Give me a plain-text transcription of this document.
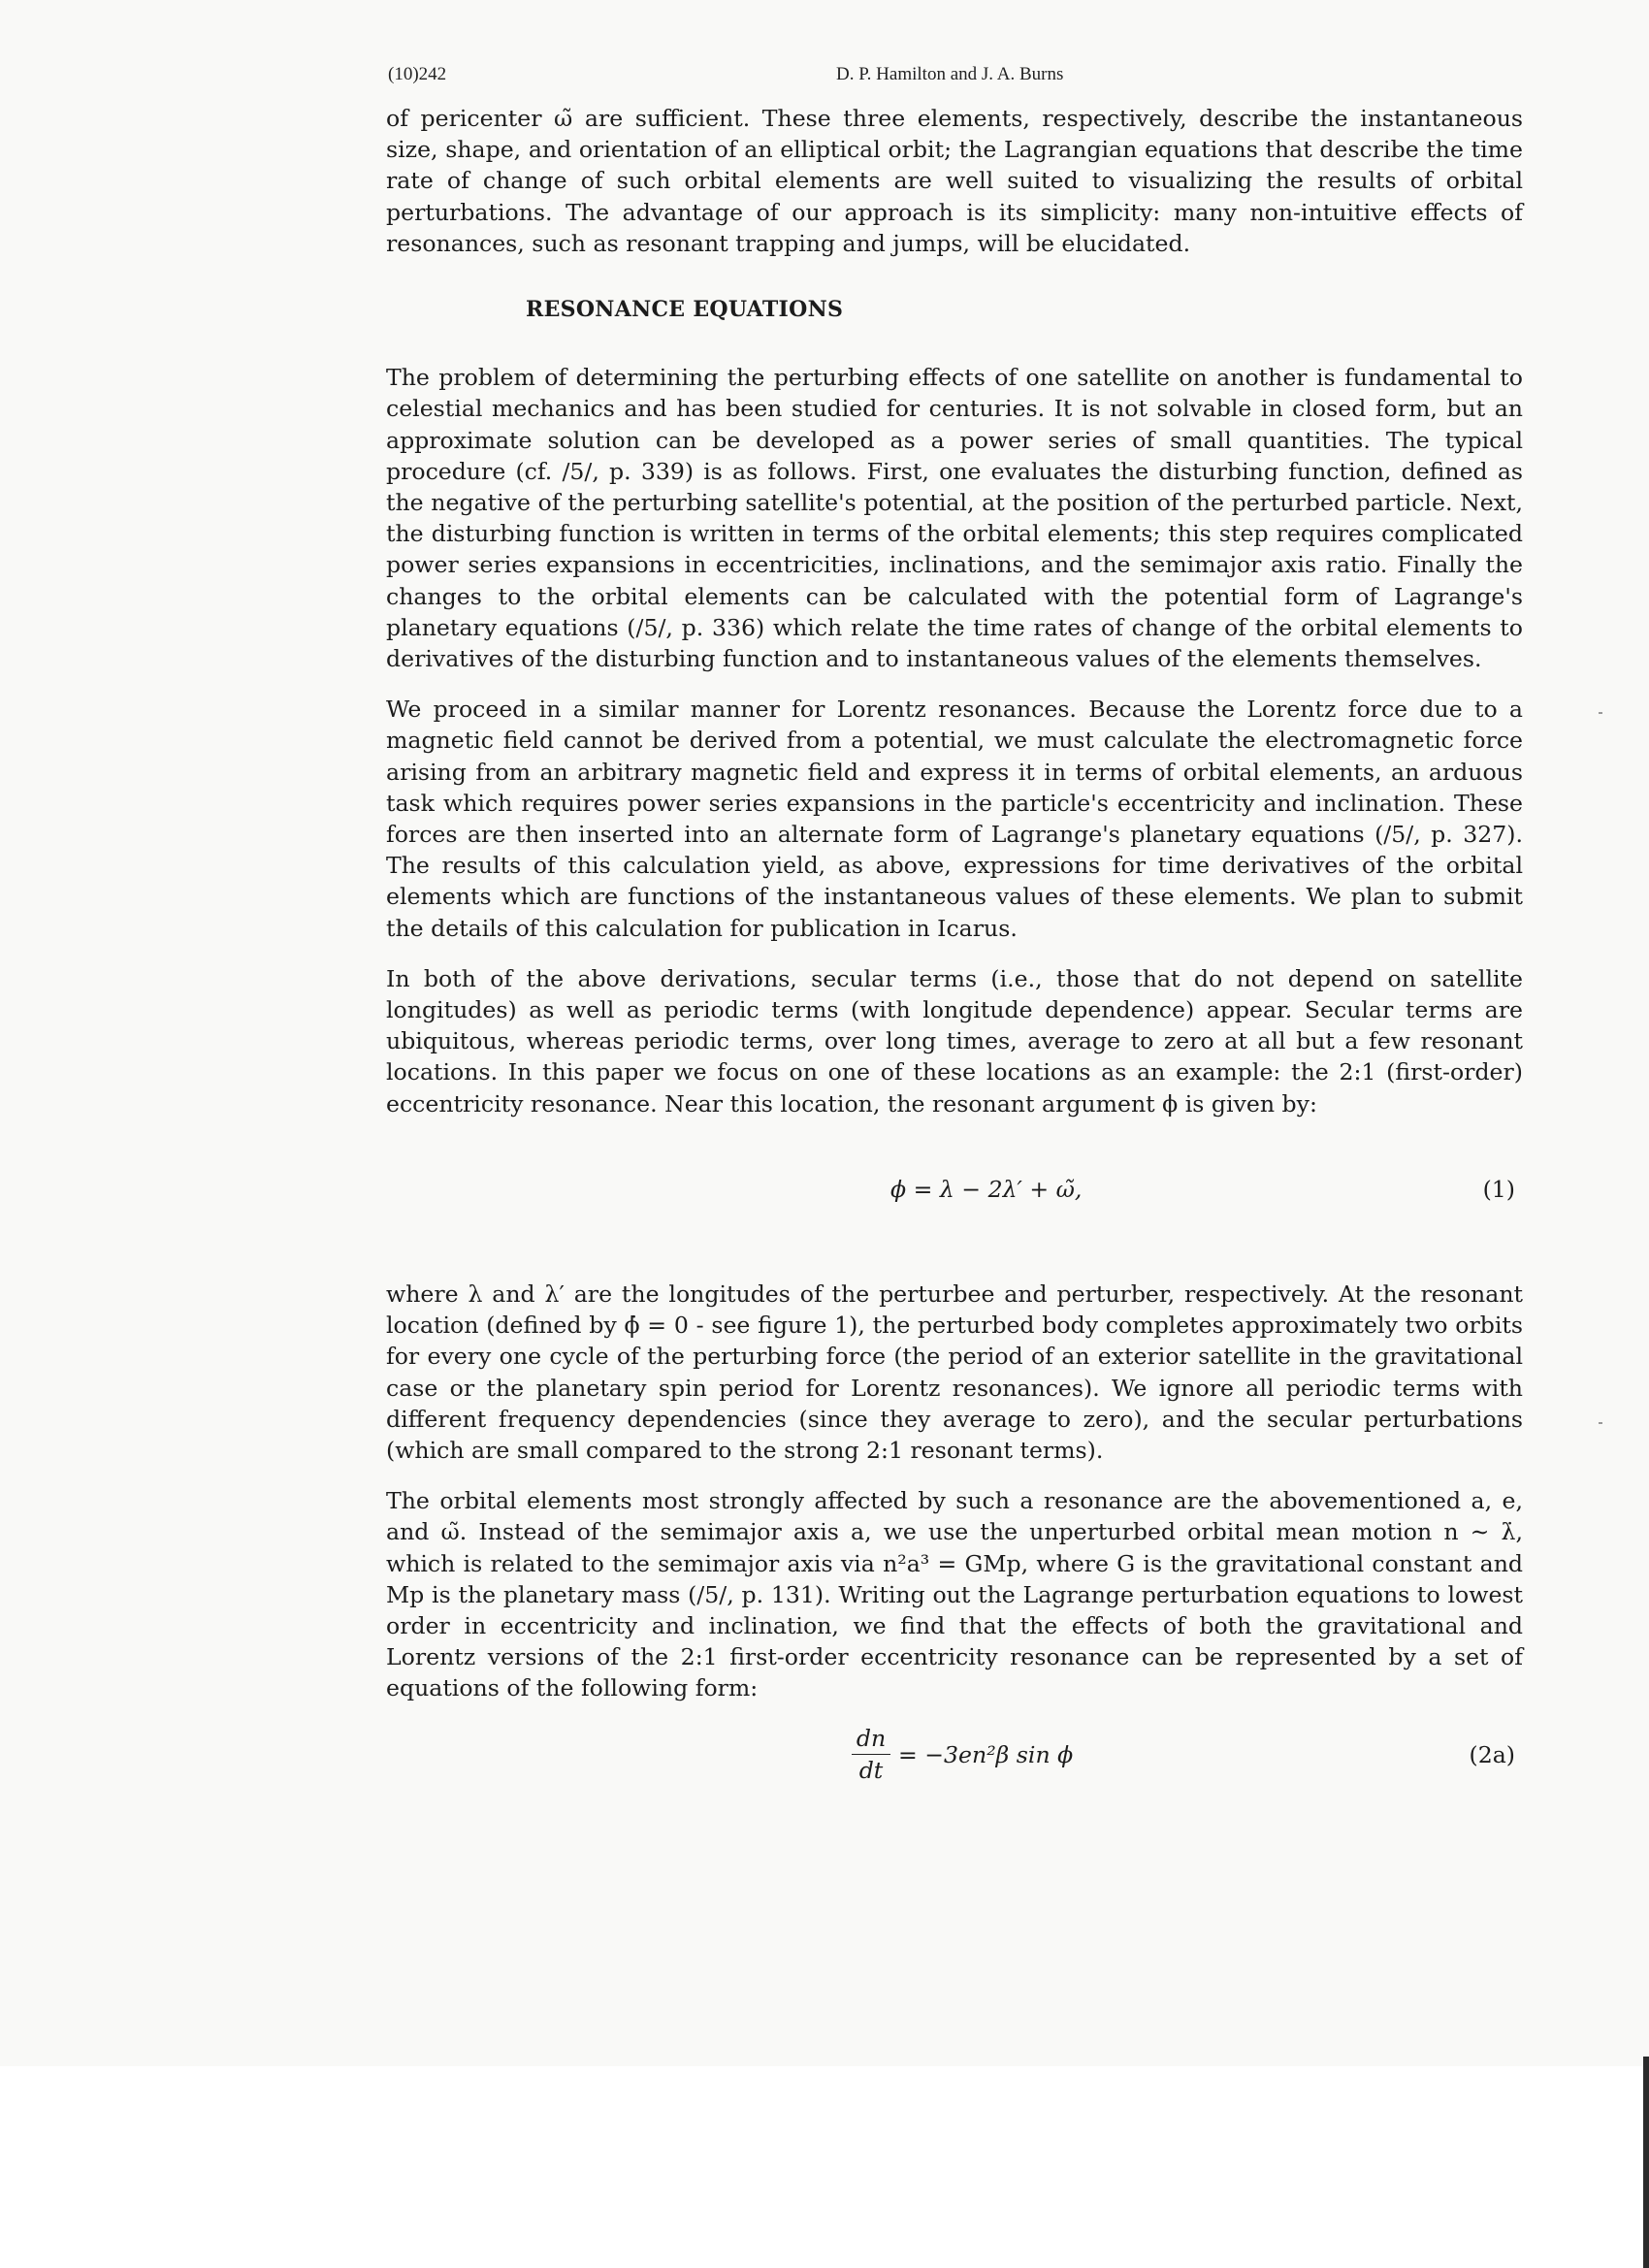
(10)242	D. P. Hamilton and J. A. Burns

of pericenter ω̃ are sufficient. These three elements, respectively, describe the instantaneous size, shape, and orientation of an elliptical orbit; the Lagrangian equations that describe the time rate of change of such orbital elements are well suited to visualizing the results of orbital perturbations. The advantage of our approach is its simplicity: many non-intuitive effects of resonances, such as resonant trapping and jumps, will be elucidated.

RESONANCE EQUATIONS

The problem of determining the perturbing effects of one satellite on another is fundamental to celestial mechanics and has been studied for centuries. It is not solvable in closed form, but an approximate solution can be developed as a power series of small quantities. The typical procedure (cf. /5/, p. 339) is as follows. First, one evaluates the disturbing function, defined as the negative of the perturbing satellite's potential, at the position of the perturbed particle. Next, the disturbing function is written in terms of the orbital elements; this step requires complicated power series expansions in eccentricities, inclinations, and the semimajor axis ratio. Finally the changes to the orbital elements can be calculated with the potential form of Lagrange's planetary equations (/5/, p. 336) which relate the time rates of change of the orbital elements to derivatives of the disturbing function and to instantaneous values of the elements themselves.

We proceed in a similar manner for Lorentz resonances. Because the Lorentz force due to a magnetic field cannot be derived from a potential, we must calculate the electromagnetic force arising from an arbitrary magnetic field and express it in terms of orbital elements, an arduous task which requires power series expansions in the particle's eccentricity and inclination. These forces are then inserted into an alternate form of Lagrange's planetary equations (/5/, p. 327). The results of this calculation yield, as above, expressions for time derivatives of the orbital elements which are functions of the instantaneous values of these elements. We plan to submit the details of this calculation for publication in Icarus.

In both of the above derivations, secular terms (i.e., those that do not depend on satellite longitudes) as well as periodic terms (with longitude dependence) appear. Secular terms are ubiquitous, whereas periodic terms, over long times, average to zero at all but a few resonant locations. In this paper we focus on one of these locations as an example: the 2:1 (first-order) eccentricity resonance. Near this location, the resonant argument ϕ is given by:

ϕ = λ − 2λ′ + ω̃,	(1)

where λ and λ′ are the longitudes of the perturbee and perturber, respectively. At the resonant location (defined by ϕ̇ = 0 - see figure 1), the perturbed body completes approximately two orbits for every one cycle of the perturbing force (the period of an exterior satellite in the gravitational case or the planetary spin period for Lorentz resonances). We ignore all periodic terms with different frequency dependencies (since they average to zero), and the secular perturbations (which are small compared to the strong 2:1 resonant terms).

The orbital elements most strongly affected by such a resonance are the abovementioned a, e, and ω̃. Instead of the semimajor axis a, we use the unperturbed orbital mean motion n ∼ λ̇, which is related to the semimajor axis via n²a³ = GMp, where G is the gravitational constant and Mp is the planetary mass (/5/, p. 131). Writing out the Lagrange perturbation equations to lowest order in eccentricity and inclination, we find that the effects of both the gravitational and Lorentz versions of the 2:1 first-order eccentricity resonance can be represented by a set of equations of the following form:

dn
dt
= −3en²β sin ϕ	(2a)
